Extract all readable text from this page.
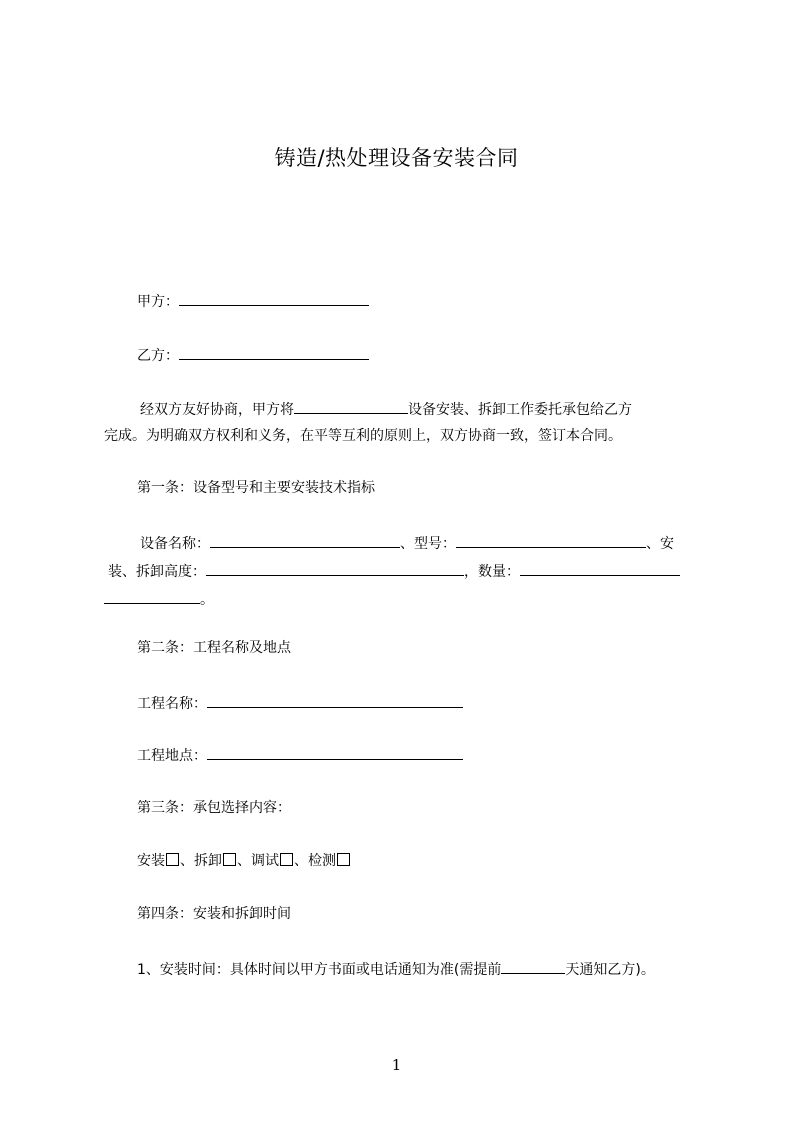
铸造/热处理设备安装合同
甲方：
乙方：
经双方友好协商，甲方将	设备安装、拆卸工作委托承包给乙方
完成。为明确双方权利和义务，在平等互利的原则上，双方协商一致，签订本合同。
第一条：设备型号和主要安装技术指标
设备名称：	、型号：	、安
装、拆卸高度：	，数量：
。
第二条：工程名称及地点
工程名称：
工程地点：
第三条：承包选择内容：
安装 、拆卸 、调试 、检测
第四条：安装和拆卸时间
1、安装时间：具体时间以甲方书面或电话通知为准(需提前	天通知乙方)。
1
